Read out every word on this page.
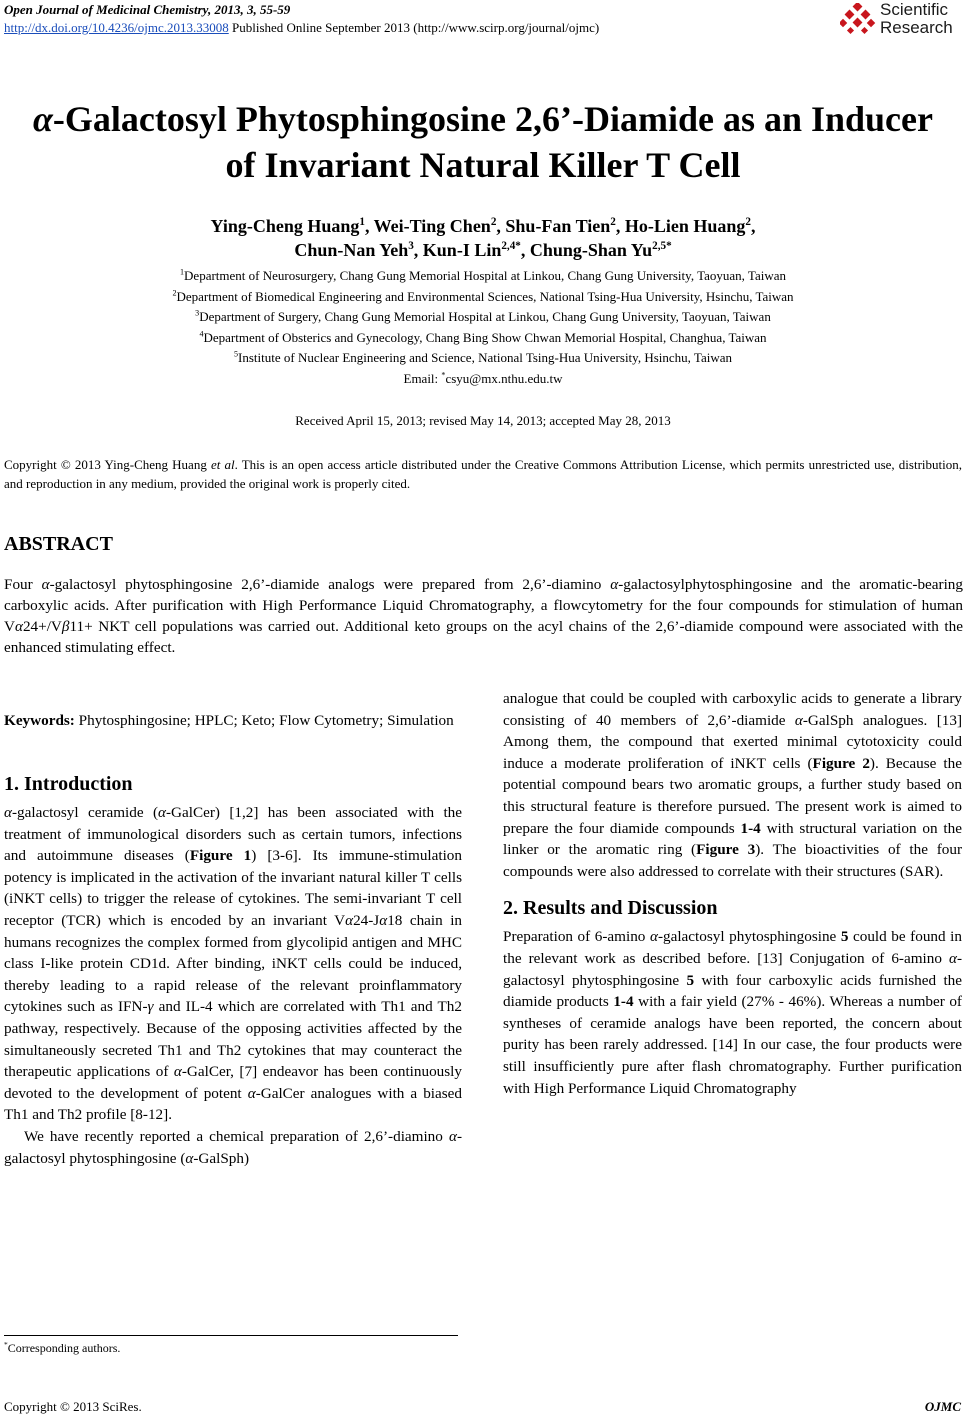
Open Journal of Medicinal Chemistry, 2013, 3, 55-59
http://dx.doi.org/10.4236/ojmc.2013.33008 Published Online September 2013 (http://www.scirp.org/journal/ojmc)
Scientific
Research
α-Galactosyl Phytosphingosine 2,6’-Diamide as an Inducer
of Invariant Natural Killer T Cell
Ying-Cheng Huang$^1$, Wei-Ting Chen$^2$, Shu-Fan Tien$^2$, Ho-Lien Huang$^2$,
Chun-Nan Yeh$^3$, Kun-I Lin$^{2,4*}$, Chung-Shan $Yu^{2,5*}$
$^1$Department of Neurosurgery, Chang Gung Memorial Hospital at Linkou, Chang Gung University, Taoyuan, Taiwan
$^2$Department of Biomedical Engineering and Environmental Sciences, National Tsing-Hua University, Hsinchu, Taiwan
$^3$Department of Surgery, Chang Gung Memorial Hospital at Linkou, Chang Gung University, Taoyuan, Taiwan
$^4$Department of Obsterics and Gynecology, Chang Bing Show Chwan Memorial Hospital, Changhua, Taiwan
$^5$Institute of Nuclear Engineering and Science, National Tsing-Hua University, Hsinchu, Taiwan
Email: *csyu@mx.nthu.edu.tw
Received April 15, 2013; revised May 14, 2013; accepted May 28, 2013
Copyright © 2013 Ying-Cheng Huang et al. This is an open access article distributed under the Creative Commons Attribution License, which permits unrestricted use, distribution, and reproduction in any medium, provided the original work is properly cited.
ABSTRACT
Four α-galactosyl phytosphingosine 2,6’-diamide analogs were prepared from 2,6’-diamino α-galactosylphytosphingosine and the aromatic-bearing carboxylic acids. After purification with High Performance Liquid Chromatography, a flowcytometry for the four compounds for stimulation of human Vα24+/Vβ11+ NKT cell populations was carried out. Additional keto groups on the acyl chains of the 2,6’-diamide compound were associated with the enhanced stimulating effect.
Keywords: Phytosphingosine; HPLC; Keto; Flow Cytometry; Simulation
1. Introduction

α-galactosyl ceramide (α-GalCer) [1,2] has been associated with the treatment of immunological disorders such as certain tumors, infections and autoimmune diseases (Figure 1) [3-6]. Its immune-stimulation potency is implicated in the activation of the invariant natural killer T cells (iNKT cells) to trigger the release of cytokines. The semi-invariant T cell receptor (TCR) which is encoded by an invariant Vα24-Jα18 chain in humans recognizes the complex formed from glycolipid antigen and MHC class I-like protein CD1d. After binding, iNKT cells could be induced, thereby leading to a rapid release of the relevant proinflammatory cytokines such as IFN-γ and IL-4 which are correlated with Th1 and Th2 pathway, respectively. Because of the opposing activities affected by the simultaneously secreted Th1 and Th2 cytokines that may counteract the therapeutic applications of α-GalCer, [7] endeavor has been continuously devoted to the development of potent α-GalCer analogues with a biased Th1 and Th2 profile [8-12].

We have recently reported a chemical preparation of 2,6’-diamino α-galactosyl phytosphingosine (α-GalSph)

analogue that could be coupled with carboxylic acids to generate a library consisting of 40 members of 2,6’-diamide α-GalSph analogues. [13] Among them, the compound that exerted minimal cytotoxicity could induce a moderate proliferation of iNKT cells (Figure 2). Because the potential compound bears two aromatic groups, a further study based on this structural feature is therefore pursued. The present work is aimed to prepare the four diamide compounds 1-4 with structural variation on the linker or the aromatic ring (Figure 3). The bioactivities of the four compounds were also addressed to correlate with their structures (SAR).

2. Results and Discussion

Preparation of 6-amino α-galactosyl phytosphingosine 5 could be found in the relevant work as described before. [13] Conjugation of 6-amino α-galactosyl phytosphingosine 5 with four carboxylic acids furnished the diamide products 1-4 with a fair yield (27% - 46%). Whereas a number of syntheses of ceramide analogs have been reported, the concern about purity has been rarely addressed. [14] In our case, the four products were still insufficiently pure after flash chromatography. Further purification with High Performance Liquid Chromatography

*Corresponding authors.
Copyright © 2013 SciRes.	OJMC
